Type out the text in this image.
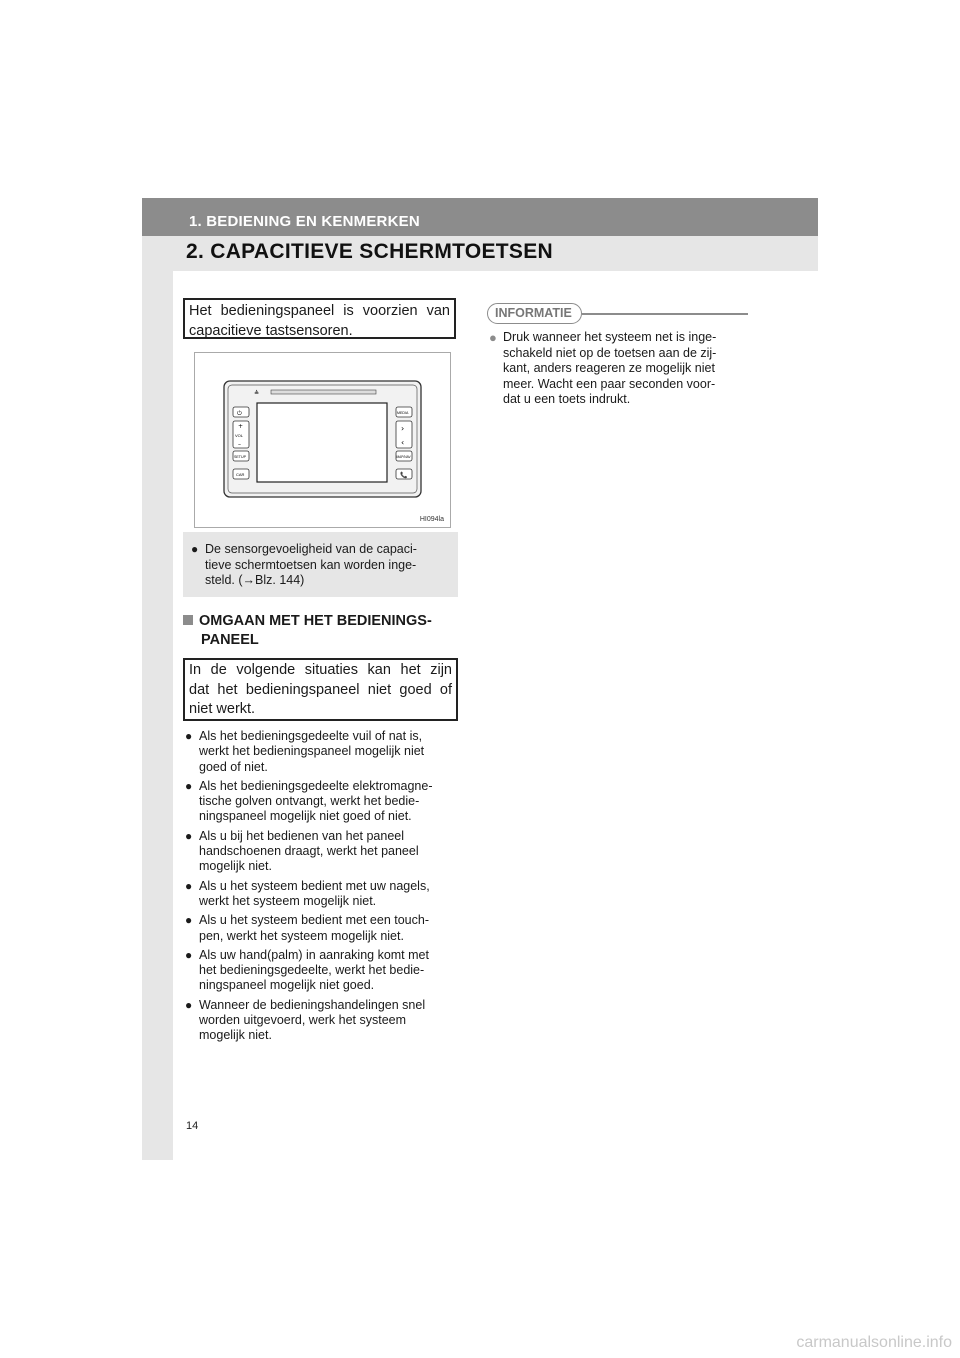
1. BEDIENING EN KENMERKEN
2. CAPACITIEVE SCHERMTOETSEN
Het bedieningspaneel is voorzien van
capacitieve tastsensoren.
≜
⏻
+
VOL
–
SETUP
CAR
MEDIA
›
‹
MAP/NAV
📞
HI094la
● De sensorgevoeligheid van de capaci-
tieve schermtoetsen kan worden inge-
steld. (→Blz. 144)
OMGAAN MET HET BEDIENINGS-
PANEEL
In de volgende situaties kan het zijn
dat het bedieningspaneel niet goed of
niet werkt.
● Als het bedieningsgedeelte vuil of nat is,
werkt het bedieningspaneel mogelijk niet
goed of niet.
● Als het bedieningsgedeelte elektromagne-
tische golven ontvangt, werkt het bedie-
ningspaneel mogelijk niet goed of niet.
● Als u bij het bedienen van het paneel
handschoenen draagt, werkt het paneel
mogelijk niet.
● Als u het systeem bedient met uw nagels,
werkt het systeem mogelijk niet.
● Als u het systeem bedient met een touch-
pen, werkt het systeem mogelijk niet.
● Als uw hand(palm) in aanraking komt met
het bedieningsgedeelte, werkt het bedie-
ningspaneel mogelijk niet goed.
● Wanneer de bedieningshandelingen snel
worden uitgevoerd, werk het systeem
mogelijk niet.
INFORMATIE
● Druk wanneer het systeem net is inge-
schakeld niet op de toetsen aan de zij-
kant, anders reageren ze mogelijk niet
meer. Wacht een paar seconden voor-
dat u een toets indrukt.
14
carmanualsonline.info
